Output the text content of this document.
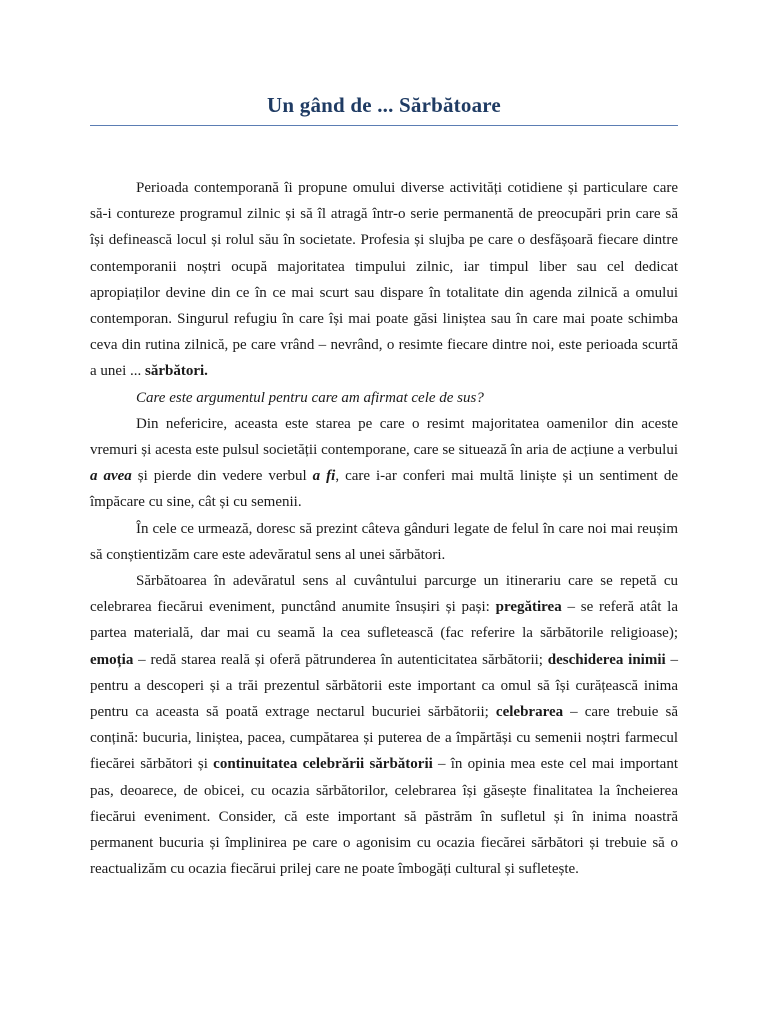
Un gând de ... Sărbătoare

Perioada contemporană îi propune omului diverse activități cotidiene și particulare care să-i contureze programul zilnic și să îl atragă într-o serie permanentă de preocupări prin care să își definească locul și rolul său în societate. Profesia și slujba pe care o desfășoară fiecare dintre contemporanii noștri ocupă majoritatea timpului zilnic, iar timpul liber sau cel dedicat apropiaților devine din ce în ce mai scurt sau dispare în totalitate din agenda zilnică a omului contemporan. Singurul refugiu în care își mai poate găsi liniștea sau în care mai poate schimba ceva din rutina zilnică, pe care vrând – nevrând, o resimte fiecare dintre noi, este perioada scurtă a unei ... sărbători.

Care este argumentul pentru care am afirmat cele de sus?

Din nefericire, aceasta este starea pe care o resimt majoritatea oamenilor din aceste vremuri și acesta este pulsul societății contemporane, care se situează în aria de acțiune a verbului a avea și pierde din vedere verbul a fi, care i-ar conferi mai multă liniște și un sentiment de împăcare cu sine, cât și cu semenii.

În cele ce urmează, doresc să prezint câteva gânduri legate de felul în care noi mai reușim să conștientizăm care este adevăratul sens al unei sărbători.

Sărbătoarea în adevăratul sens al cuvântului parcurge un itinerariu care se repetă cu celebrarea fiecărui eveniment, punctând anumite însușiri și pași: pregătirea – se referă atât la partea materială, dar mai cu seamă la cea sufletească (fac referire la sărbătorile religioase); emoția – redă starea reală și oferă pătrunderea în autenticitatea sărbătorii; deschiderea inimii – pentru a descoperi și a trăi prezentul sărbătorii este important ca omul să își curățească inima pentru ca aceasta să poată extrage nectarul bucuriei sărbătorii; celebrarea – care trebuie să conțină: bucuria, liniștea, pacea, cumpătarea și puterea de a împărtăși cu semenii noștri farmecul fiecărei sărbători și continuitatea celebrării sărbătorii – în opinia mea este cel mai important pas, deoarece, de obicei, cu ocazia sărbătorilor, celebrarea își găsește finalitatea la încheierea fiecărui eveniment. Consider, că este important să păstrăm în sufletul și în inima noastră permanent bucuria și împlinirea pe care o agonisim cu ocazia fiecărei sărbători și trebuie să o reactualizăm cu ocazia fiecărui prilej care ne poate îmbogăți cultural și sufletește.
